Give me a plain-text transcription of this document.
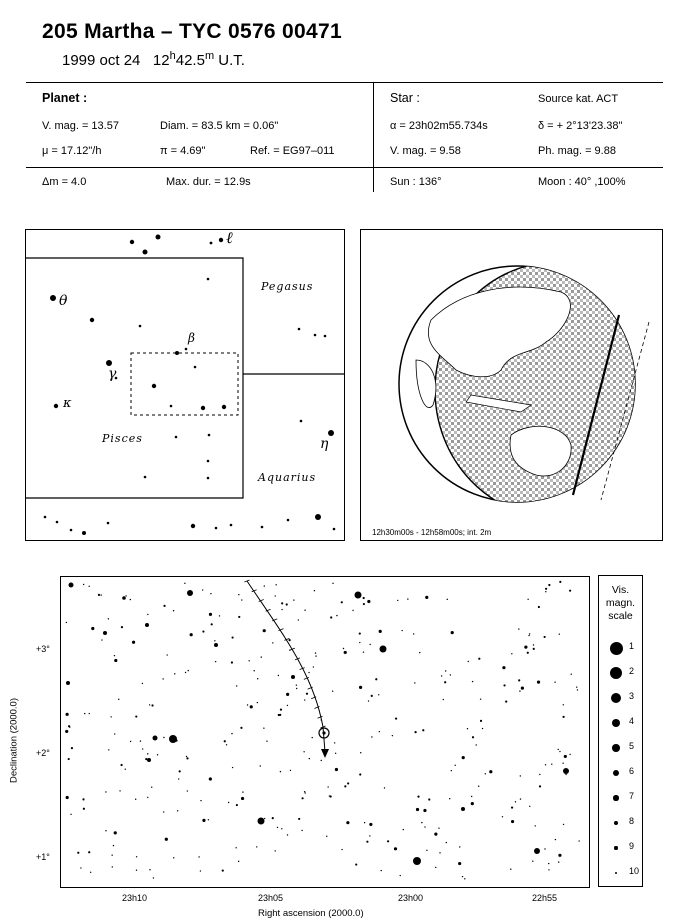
205 Martha – TYC 0576 00471
1999 oct 24 12$^h$42.5$^m$ U.T.
Planet :
V. mag. = 13.57	Diam. = 83.5 km = 0.06"
μ = 17.12"/h	π = 4.69"	Ref. = EG97–011
Star :	Source kat. ACT
α = 23h02m55.734s	δ = + 2°13'23.38"
V. mag. = 9.58	Ph. mag. = 9.88
Δm = 4.0	Max. dur. = 12.9s	Sun : 136°	Moon : 40° ,100%
ℓ
Pegasus
θ
β
γ
κ
Pisces	η
Aquarius
12h30m00s - 12h58m00s; int. 2m
Declination (2000.0)
+3°
+2°
+1°
23h10	23h05	23h00	22h55
Right ascension (2000.0)
Vis.
magn.
scale
1
2
3
4
5
6
7
8
9
10
